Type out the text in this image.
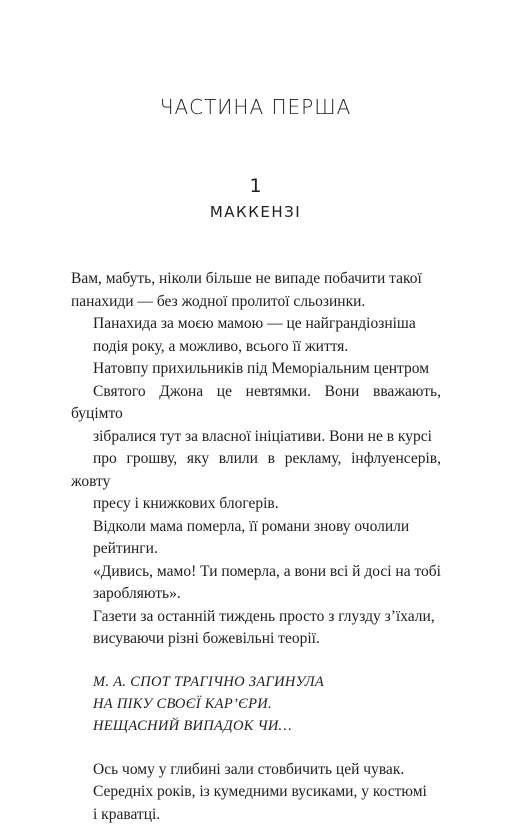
ЧАСТИНА ПЕРША
1
МАККЕНЗІ

Вам, мабуть, ніколи більше не випаде побачити такої
панахиди — без жодної пролитої сльозинки.

Панахида за моєю мамою — це найграндіозніша
подія року, а можливо, всього її життя.

Натовпу прихильників під Меморіальним центром
Святого Джона це невтямки. Вони вважають, буцімто
зібралися тут за власної ініціативи. Вони не в курсі
про грошву, яку влили в рекламу, інфлуенсерів, жовту
пресу і книжкових блогерів.

Відколи мама померла, її романи знову очолили
рейтинги.

«Дивись, мамо! Ти померла, а вони всі й досі на тобі
заробляють».

Газети за останній тиждень просто з глузду з’їхали,
висуваючи різні божевільні теорії.

М. А. СПОТ ТРАГІЧНО ЗАГИНУЛА
НА ПІКУ СВОЄЇ КАР’ЄРИ.
НЕЩАСНИЙ ВИПАДОК ЧИ…

Ось чому у глибині зали стовбичить цей чувак.
Середніх років, із кумедними вусиками, у костюмі
і краватці.
